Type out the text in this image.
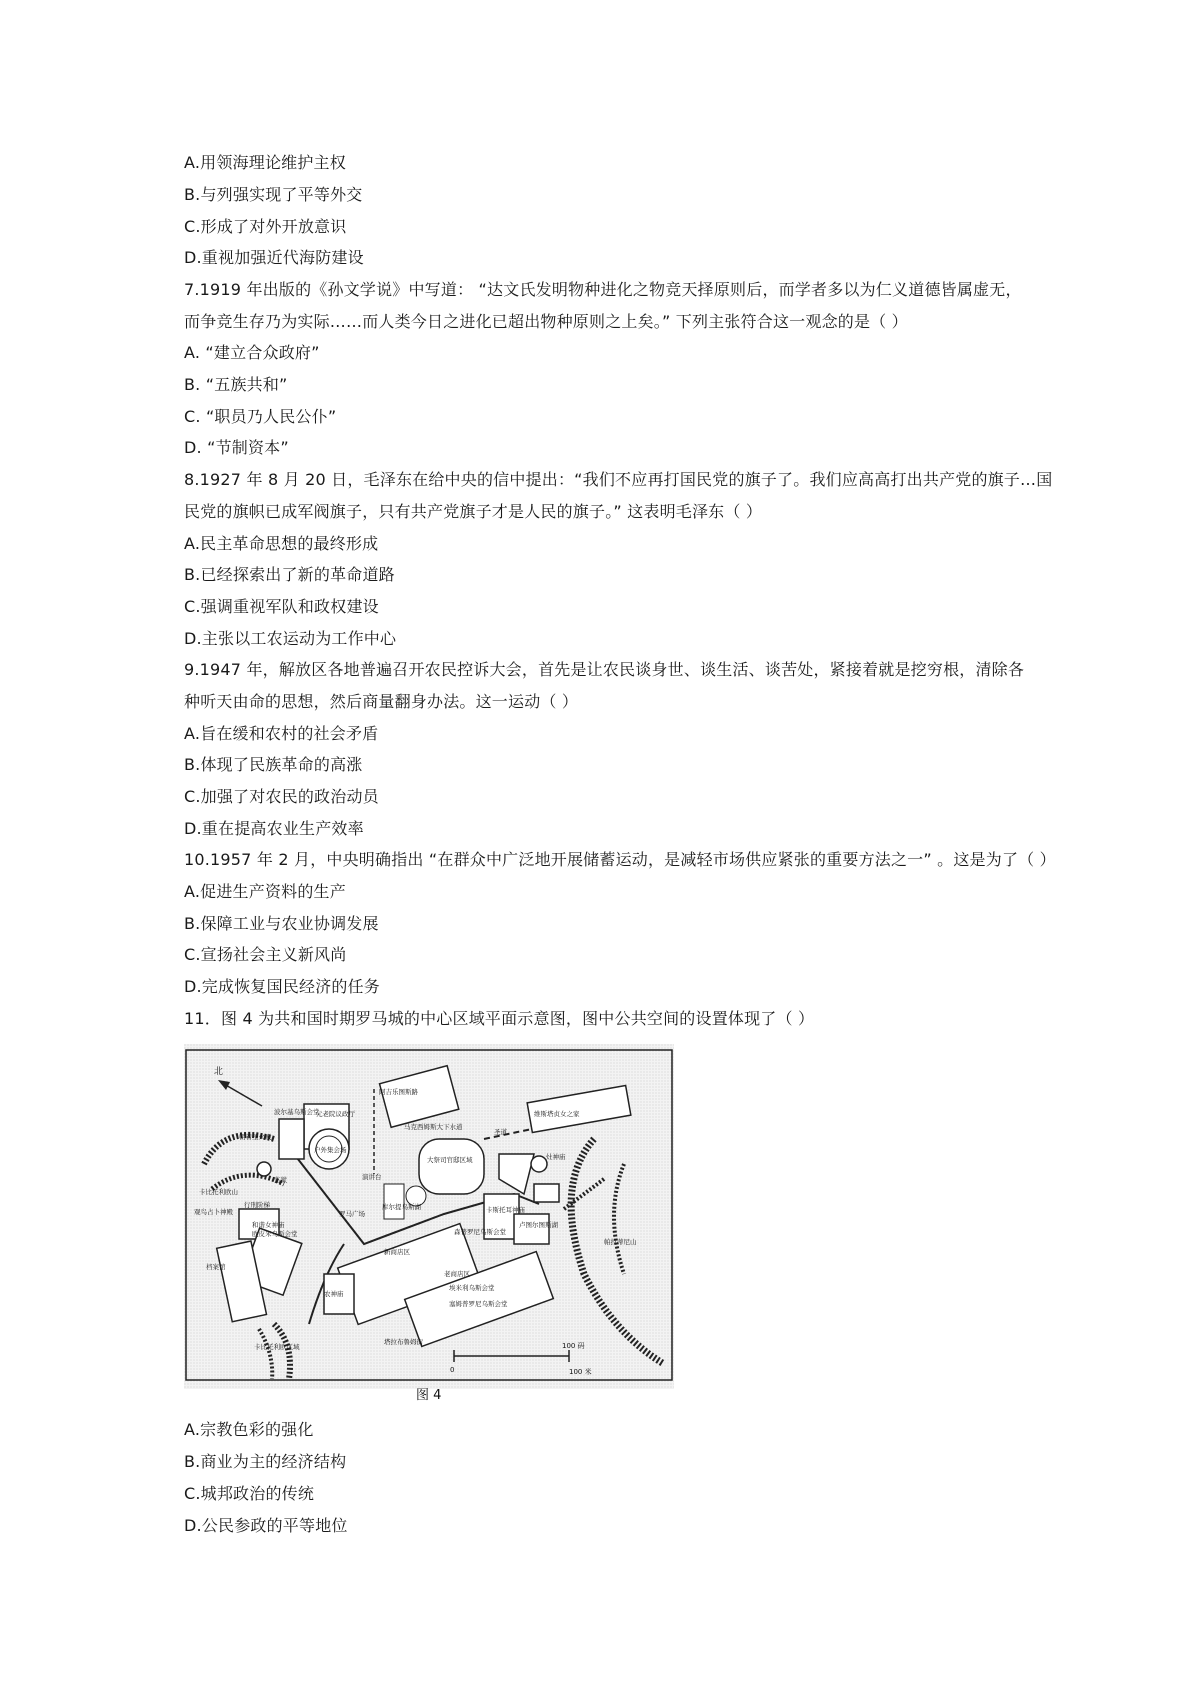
A.用领海理论维护主权
B.与列强实现了平等外交
C.形成了对外开放意识
D.重视加强近代海防建设
7.1919 年出版的《孙文学说》中写道： “达文氏发明物种进化之物竞天择原则后，而学者多以为仁义道德皆属虚无，
而争竞生存乃为实际……而人类今日之进化已超出物种原则之上矣。” 下列主张符合这一观念的是（ ）
A. “建立合众政府”
B. “五族共和”
C. “职员乃人民公仆”
D. “节制资本”
8.1927 年 8 月 20 日，毛泽东在给中央的信中提出：“我们不应再打国民党的旗子了。我们应高高打出共产党的旗子…国
民党的旗帜已成军阀旗子，只有共产党旗子才是人民的旗子。” 这表明毛泽东（ ）
A.民主革命思想的最终形成
B.已经探索出了新的革命道路
C.强调重视军队和政权建设
D.主张以工农运动为工作中心
9.1947 年，解放区各地普遍召开农民控诉大会，首先是让农民谈身世、谈生活、谈苦处，紧接着就是挖穷根，清除各
种听天由命的思想，然后商量翻身办法。这一运动（ ）
A.旨在缓和农村的社会矛盾
B.体现了民族革命的高涨
C.加强了对农民的政治动员
D.重在提高农业生产效率
10.1957 年 2 月，中央明确指出 “在群众中广泛地开展储蓄运动，是减轻市场供应紧张的重要方法之一” 。这是为了（ ）
A.促进生产资料的生产
B.保障工业与农业协调发展
C.宣扬社会主义新风尚
D.完成恢复国民经济的任务
11．图 4 为共和国时期罗马城的中心区域平面示意图，图中公共空间的设置体现了（ ）
北
元老院议政厅
波尔基乌斯会堂
朝着圣火殿
卡比托利欧山
户外集会场
监狱	演讲台
行刑阶梯
观鸟占卜神殿
和谐女神庙
欧皮米乌斯会堂
档案馆
罗马广场
库尔提乌斯湖
森普罗尼乌斯会堂
新商店区
老商店区
农神庙
埃米利乌斯会堂
塞姆普罗尼乌斯会堂
卡斯托耳神庙
卢图尔图斯湖
灶神庙
维斯塔贞女之家
大祭司官邸区域
卡比托利欧区域
帕拉蒂尼山
圣道
阿吉乐图斯路
马克西姆斯大下水道
塔拉布鲁姆街
0
100 码
100 米
图 4
A.宗教色彩的强化
B.商业为主的经济结构
C.城邦政治的传统
D.公民参政的平等地位
